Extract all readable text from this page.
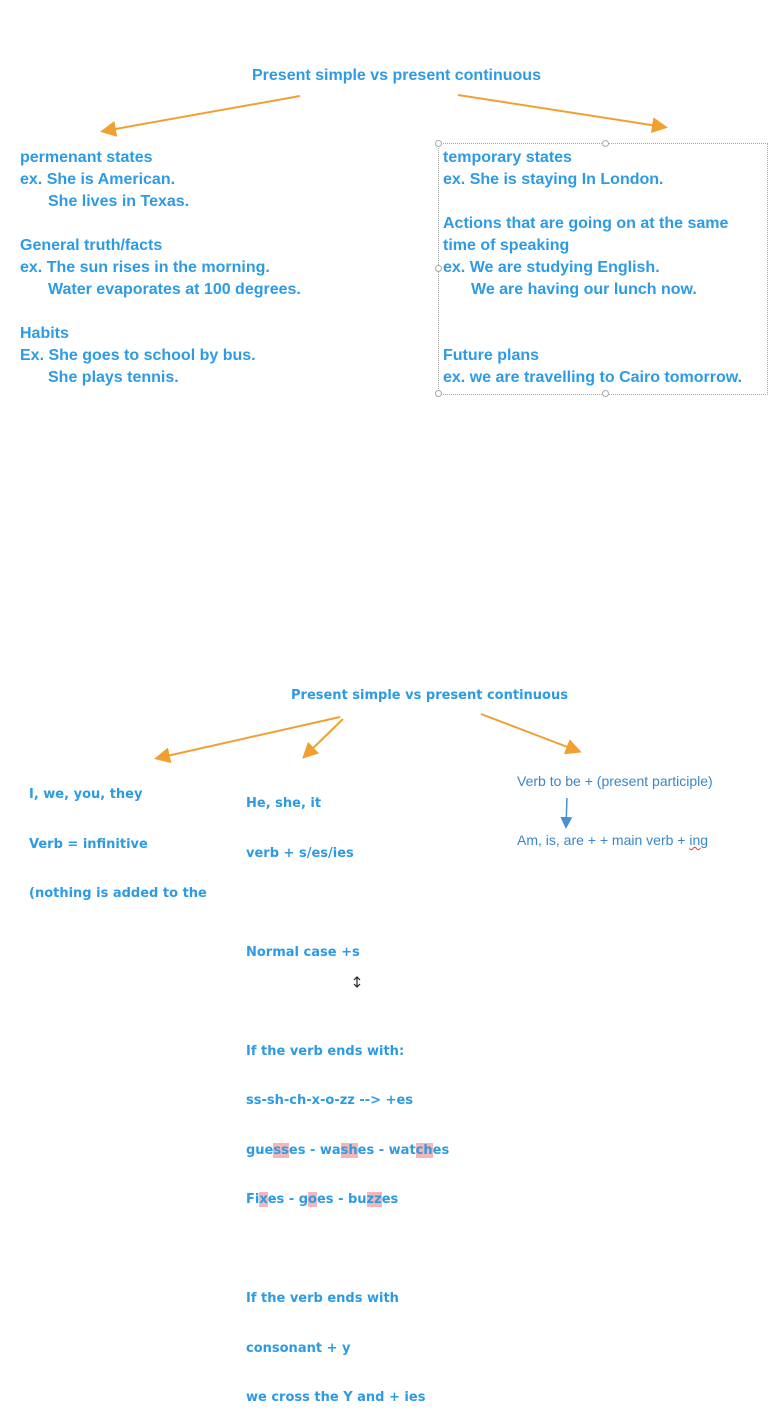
Present simple vs present continuous
permenant states
ex. She is American.
She lives in Texas.
General truth/facts
ex. The sun rises in the morning.
Water evaporates at 100 degrees.
Habits
Ex. She goes to school by bus.
She plays tennis.
temporary states
ex. She is staying In London.
Actions that are going on at the same
time of speaking
ex. We are studying English.
We are having our lunch now.
Future plans
ex. we are travelling to Cairo tomorrow.
Present simple vs present continuous

I, we, you, they

Verb = infinitive

(nothing is added to the

He, she, it

verb + s/es/ies

Normal case +s

If the verb ends with:

ss-sh-ch-x-o-zz --> +es

guesses - washes - watches

Fixes - goes - buzzes

If the verb ends with

consonant + y

we cross the Y and + ies

Verb to be + (present participle)
Am, is, are + + main verb + ing
